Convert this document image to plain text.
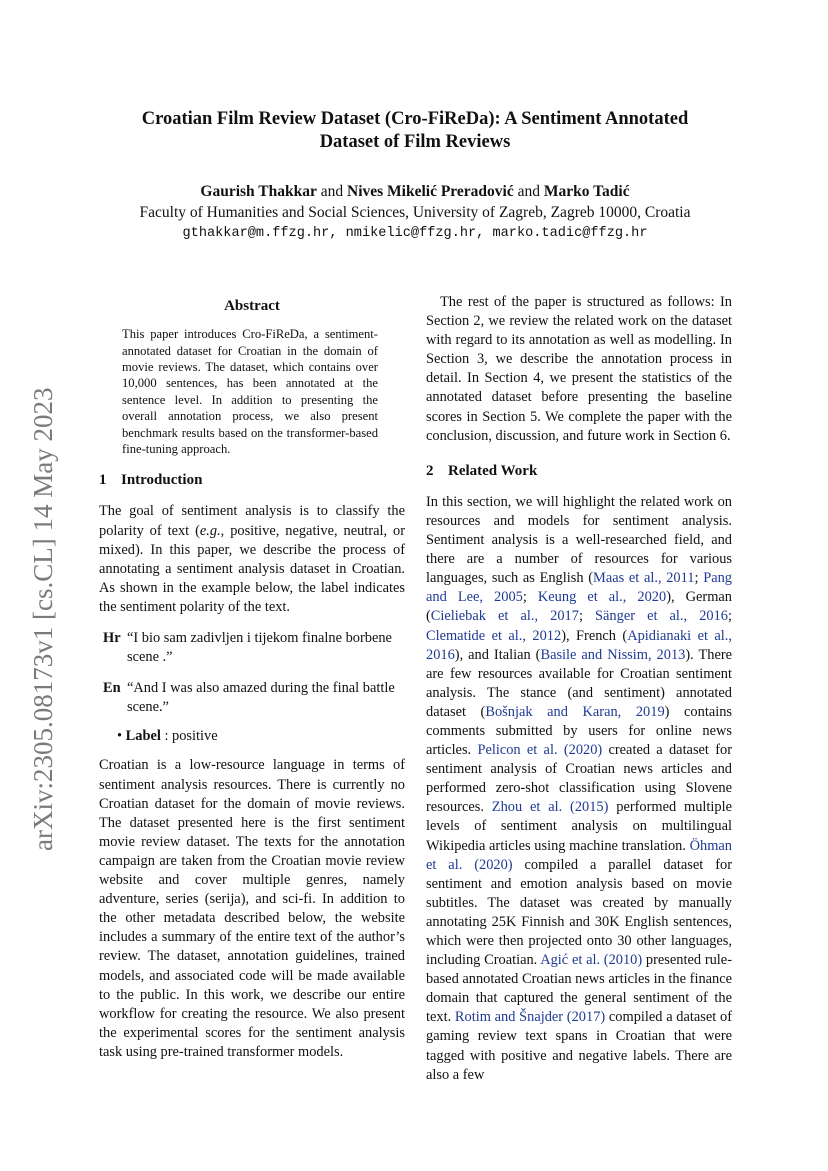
arXiv:2305.08173v1 [cs.CL] 14 May 2023
Croatian Film Review Dataset (Cro-FiReDa): A Sentiment Annotated
Dataset of Film Reviews
Gaurish Thakkar and Nives Mikelić Preradović and Marko Tadić
Faculty of Humanities and Social Sciences, University of Zagreb, Zagreb 10000, Croatia
gthakkar@m.ffzg.hr, nmikelic@ffzg.hr, marko.tadic@ffzg.hr
Abstract

This paper introduces Cro-FiReDa, a sentiment-annotated dataset for Croatian in the domain of movie reviews. The dataset, which contains over 10,000 sentences, has been annotated at the sentence level. In addition to presenting the overall annotation process, we also present benchmark results based on the transformer-based fine-tuning approach.

1 Introduction

The goal of sentiment analysis is to classify the polarity of text (e.g., positive, negative, neutral, or mixed). In this paper, we describe the process of annotating a sentiment analysis dataset in Croatian. As shown in the example below, the label indicates the sentiment polarity of the text.

Hr “I bio sam zadivljen i tijekom finalne borbene scene .”
En “And I was also amazed during the final battle scene.”
• Label : positive

Croatian is a low-resource language in terms of sentiment analysis resources. There is currently no Croatian dataset for the domain of movie reviews. The dataset presented here is the first sentiment movie review dataset. The texts for the annotation campaign are taken from the Croatian movie review website and cover multiple genres, namely adventure, series (serija), and sci-fi. In addition to the other metadata described below, the website includes a summary of the entire text of the author’s review. The dataset, annotation guidelines, trained models, and associated code will be made available to the public. In this work, we describe our entire workflow for creating the resource. We also present the experimental scores for the sentiment analysis task using pre-trained transformer models.

The rest of the paper is structured as follows: In Section 2, we review the related work on the dataset with regard to its annotation as well as modelling. In Section 3, we describe the annotation process in detail. In Section 4, we present the statistics of the annotated dataset before presenting the baseline scores in Section 5. We complete the paper with the conclusion, discussion, and future work in Section 6.

2 Related Work

In this section, we will highlight the related work on resources and models for sentiment analysis. Sentiment analysis is a well-researched field, and there are a number of resources for various languages, such as English (Maas et al., 2011; Pang and Lee, 2005; Keung et al., 2020), German (Cieliebak et al., 2017; Sänger et al., 2016; Clematide et al., 2012), French (Apidianaki et al., 2016), and Italian (Basile and Nissim, 2013). There are few resources available for Croatian sentiment analysis. The stance (and sentiment) annotated dataset (Bošnjak and Karan, 2019) contains comments submitted by users for online news articles. Pelicon et al. (2020) created a dataset for sentiment analysis of Croatian news articles and performed zero-shot classification using Slovene resources. Zhou et al. (2015) performed multiple levels of sentiment analysis on multilingual Wikipedia articles using machine translation. Öhman et al. (2020) compiled a parallel dataset for sentiment and emotion analysis based on movie subtitles. The dataset was created by manually annotating 25K Finnish and 30K English sentences, which were then projected onto 30 other languages, including Croatian. Agić et al. (2010) presented rule-based annotated Croatian news articles in the finance domain that captured the general sentiment of the text. Rotim and Šnajder (2017) compiled a dataset of gaming review text spans in Croatian that were tagged with positive and negative labels. There are also a few
